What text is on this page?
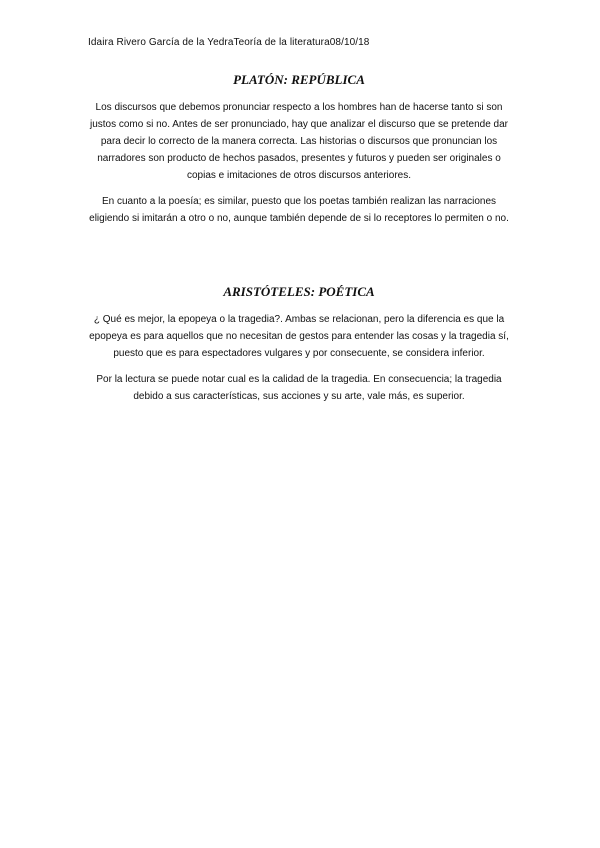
Idaira Rivero García de la YedraTeoría de la literatura08/10/18
PLATÓN: REPÚBLICA

Los discursos que debemos pronunciar respecto a los hombres han de hacerse tanto si son justos como si no. Antes de ser pronunciado, hay que analizar el discurso que se pretende dar para decir lo correcto de la manera correcta. Las historias o discursos que pronuncian los narradores son producto de hechos pasados, presentes y futuros y pueden ser originales o copias e imitaciones de otros discursos anteriores.

En cuanto a la poesía; es similar, puesto que los poetas también realizan las narraciones eligiendo si imitarán a otro o no, aunque también depende de si lo receptores lo permiten o no.

ARISTÓTELES: POÉTICA

¿ Qué es mejor, la epopeya o la tragedia?. Ambas se relacionan, pero la diferencia es que la epopeya es para aquellos que no necesitan de gestos para entender las cosas y la tragedia sí, puesto que es para espectadores vulgares y por consecuente, se considera inferior.

Por la lectura se puede notar cual es la calidad de la tragedia. En consecuencia; la tragedia debido a sus características, sus acciones y su arte, vale más, es superior.
